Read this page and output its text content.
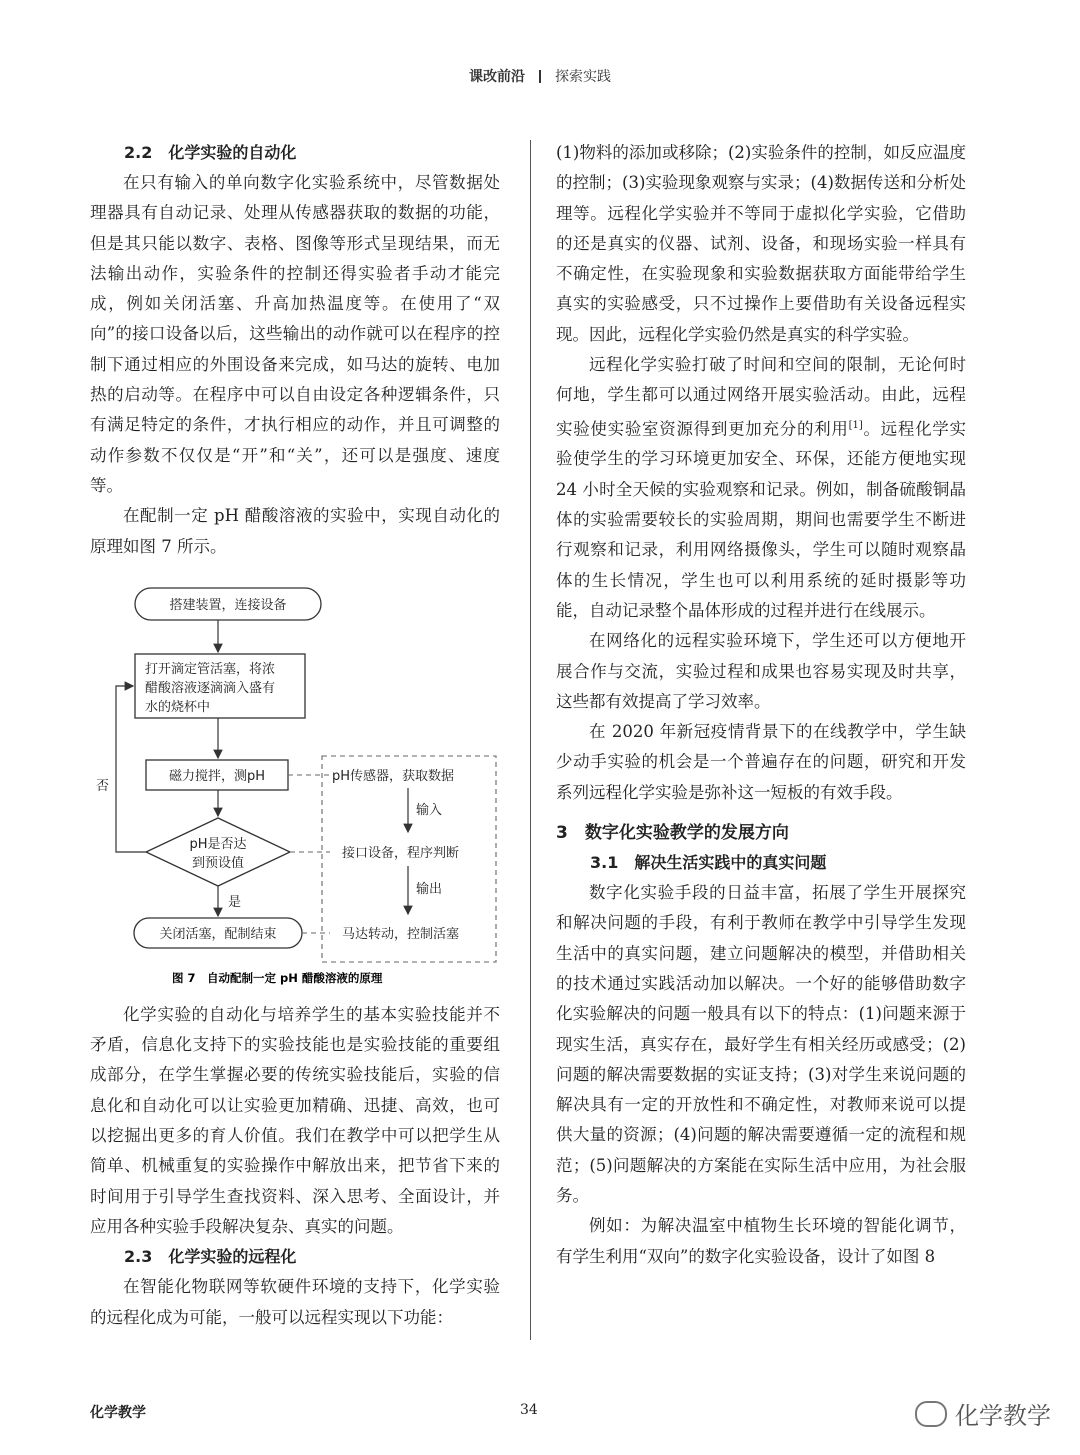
课改前沿 探索实践
2.2　化学实验的自动化

在只有输入的单向数字化实验系统中，尽管数据处理器具有自动记录、处理从传感器获取的数据的功能，但是其只能以数字、表格、图像等形式呈现结果，而无法输出动作，实验条件的控制还得实验者手动才能完成，例如关闭活塞、升高加热温度等。在使用了“双向”的接口设备以后，这些输出的动作就可以在程序的控制下通过相应的外围设备来完成，如马达的旋转、电加热的启动等。在程序中可以自由设定各种逻辑条件，只有满足特定的条件，才执行相应的动作，并且可调整的动作参数不仅仅是“开”和“关”，还可以是强度、速度等。

在配制一定 pH 醋酸溶液的实验中，实现自动化的原理如图 7 所示。

搭建装置，连接设备
打开滴定管活塞，将浓
醋酸溶液逐滴滴入盛有
水的烧杯中
磁力搅拌，测pH
pH是否达
到预设值
否
是
关闭活塞，配制结束
pH传感器，获取数据
输入
接口设备，程序判断
输出
马达转动，控制活塞
图 7　自动配制一定 pH 醋酸溶液的原理

化学实验的自动化与培养学生的基本实验技能并不矛盾，信息化支持下的实验技能也是实验技能的重要组成部分，在学生掌握必要的传统实验技能后，实验的信息化和自动化可以让实验更加精确、迅捷、高效，也可以挖掘出更多的育人价值。我们在教学中可以把学生从简单、机械重复的实验操作中解放出来，把节省下来的时间用于引导学生查找资料、深入思考、全面设计，并应用各种实验手段解决复杂、真实的问题。

2.3　化学实验的远程化

在智能化物联网等软硬件环境的支持下，化学实验的远程化成为可能，一般可以远程实现以下功能：

(1)物料的添加或移除；(2)实验条件的控制，如反应温度的控制；(3)实验现象观察与实录；(4)数据传送和分析处理等。远程化学实验并不等同于虚拟化学实验，它借助的还是真实的仪器、试剂、设备，和现场实验一样具有不确定性，在实验现象和实验数据获取方面能带给学生真实的实验感受，只不过操作上要借助有关设备远程实现。因此，远程化学实验仍然是真实的科学实验。

远程化学实验打破了时间和空间的限制，无论何时何地，学生都可以通过网络开展实验活动。由此，远程实验使实验室资源得到更加充分的利用[1]。远程化学实验使学生的学习环境更加安全、环保，还能方便地实现 24 小时全天候的实验观察和记录。例如，制备硫酸铜晶体的实验需要较长的实验周期，期间也需要学生不断进行观察和记录，利用网络摄像头，学生可以随时观察晶体的生长情况，学生也可以利用系统的延时摄影等功能，自动记录整个晶体形成的过程并进行在线展示。

在网络化的远程实验环境下，学生还可以方便地开展合作与交流，实验过程和成果也容易实现及时共享，这些都有效提高了学习效率。

在 2020 年新冠疫情背景下的在线教学中，学生缺少动手实验的机会是一个普遍存在的问题，研究和开发系列远程化学实验是弥补这一短板的有效手段。

3　数字化实验教学的发展方向
3.1　解决生活实践中的真实问题

数字化实验手段的日益丰富，拓展了学生开展探究和解决问题的手段，有利于教师在教学中引导学生发现生活中的真实问题，建立问题解决的模型，并借助相关的技术通过实践活动加以解决。一个好的能够借助数字化实验解决的问题一般具有以下的特点：(1)问题来源于现实生活，真实存在，最好学生有相关经历或感受；(2)问题的解决需要数据的实证支持；(3)对学生来说问题的解决具有一定的开放性和不确定性，对教师来说可以提供大量的资源；(4)问题的解决需要遵循一定的流程和规范；(5)问题解决的方案能在实际生活中应用，为社会服务。

例如：为解决温室中植物生长环境的智能化调节，有学生利用“双向”的数字化实验设备，设计了如图 8

化学教学	34	化学教学
